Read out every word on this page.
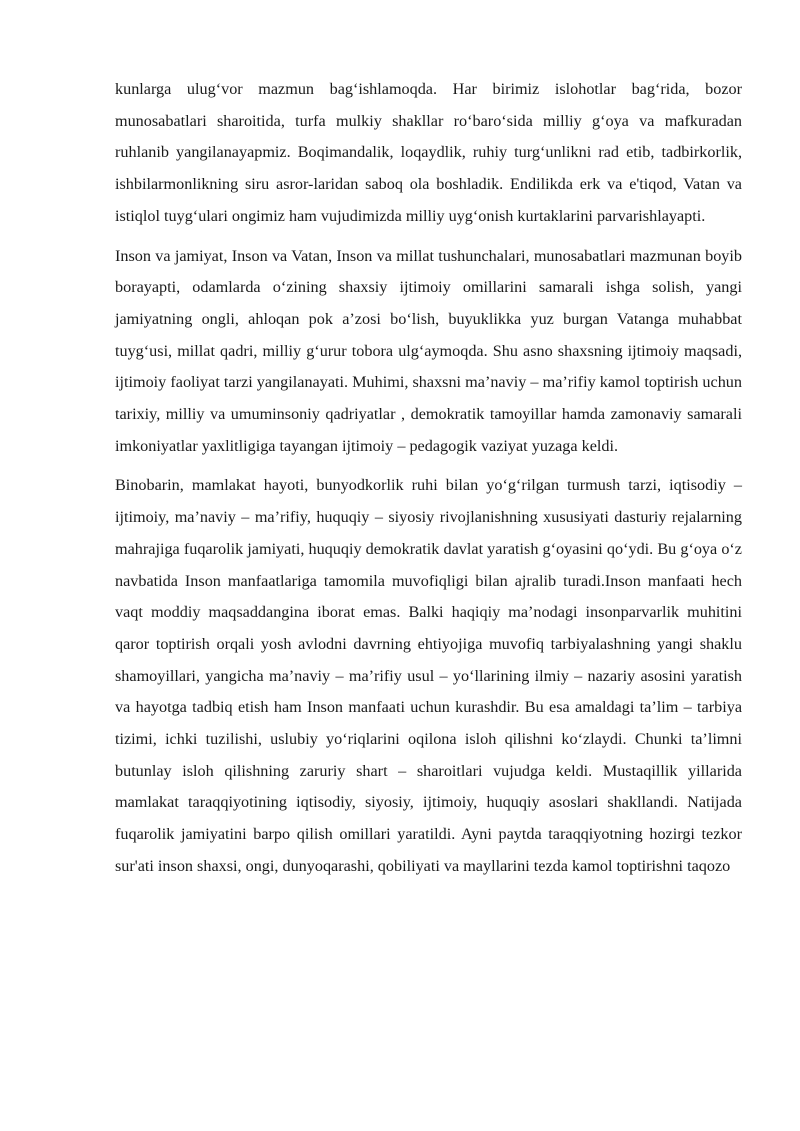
kunlarga ulugʻvor mazmun bagʻishlamoqda. Har birimiz islohotlar bagʻrida, bozor munosabatlari sharoitida, turfa mulkiy shakllar roʻbaroʻsida milliy gʻoya va mafkuradan ruhlanib yangilanayapmiz. Boqimandalik, loqaydlik, ruhiy turgʻunlikni rad etib, tadbirkorlik, ishbilarmonlikning siru asror-laridan saboq ola boshladik. Endilikda erk va e'tiqod, Vatan va istiqlol tuygʻulari ongimiz ham vujudimizda milliy uygʻonish kurtaklarini parvarishlayapti.

Inson va jamiyat, Inson va Vatan, Inson va millat tushunchalari, munosabatlari mazmunan boyib borayapti, odamlarda oʻzining shaxsiy ijtimoiy omillarini samarali ishga solish, yangi jamiyatning ongli, ahloqan pok a’zosi boʻlish, buyuklikka yuz burgan Vatanga muhabbat tuygʻusi, millat qadri, milliy gʻurur tobora ulgʻaymoqda. Shu asno shaxsning ijtimoiy maqsadi, ijtimoiy faoliyat tarzi yangilanayati. Muhimi, shaxsni ma’naviy – ma’rifiy kamol toptirish uchun tarixiy, milliy va umuminsoniy qadriyatlar , demokratik tamoyillar hamda zamonaviy samarali imkoniyatlar yaxlitligiga tayangan ijtimoiy – pedagogik vaziyat yuzaga keldi.

Binobarin, mamlakat hayoti, bunyodkorlik ruhi bilan yoʻgʻrilgan turmush tarzi, iqtisodiy – ijtimoiy, ma’naviy – ma’rifiy, huquqiy – siyosiy rivojlanishning xususiyati dasturiy rejalarning mahrajiga fuqarolik jamiyati, huquqiy demokratik davlat yaratish gʻoyasini qoʻydi. Bu gʻoya oʻz navbatida Inson manfaatlariga tamomila muvofiqligi bilan ajralib turadi.Inson manfaati hech vaqt moddiy maqsaddangina iborat emas. Balki haqiqiy ma’nodagi insonparvarlik muhitini qaror toptirish orqali yosh avlodni davrning ehtiyojiga muvofiq tarbiyalashning yangi shaklu shamoyillari, yangicha ma’naviy – ma’rifiy usul – yoʻllarining ilmiy – nazariy asosini yaratish va hayotga tadbiq etish ham Inson manfaati uchun kurashdir. Bu esa amaldagi ta’lim – tarbiya tizimi, ichki tuzilishi, uslubiy yoʻriqlarini oqilona isloh qilishni koʻzlaydi. Chunki ta’limni butunlay isloh qilishning zaruriy shart – sharoitlari vujudga keldi. Mustaqillik yillarida mamlakat taraqqiyotining iqtisodiy, siyosiy, ijtimoiy, huquqiy asoslari shakllandi. Natijada fuqarolik jamiyatini barpo qilish omillari yaratildi. Ayni paytda taraqqiyotning hozirgi tezkor sur'ati inson shaxsi, ongi, dunyoqarashi, qobiliyati va mayllarini tezda kamol toptirishni taqozo
